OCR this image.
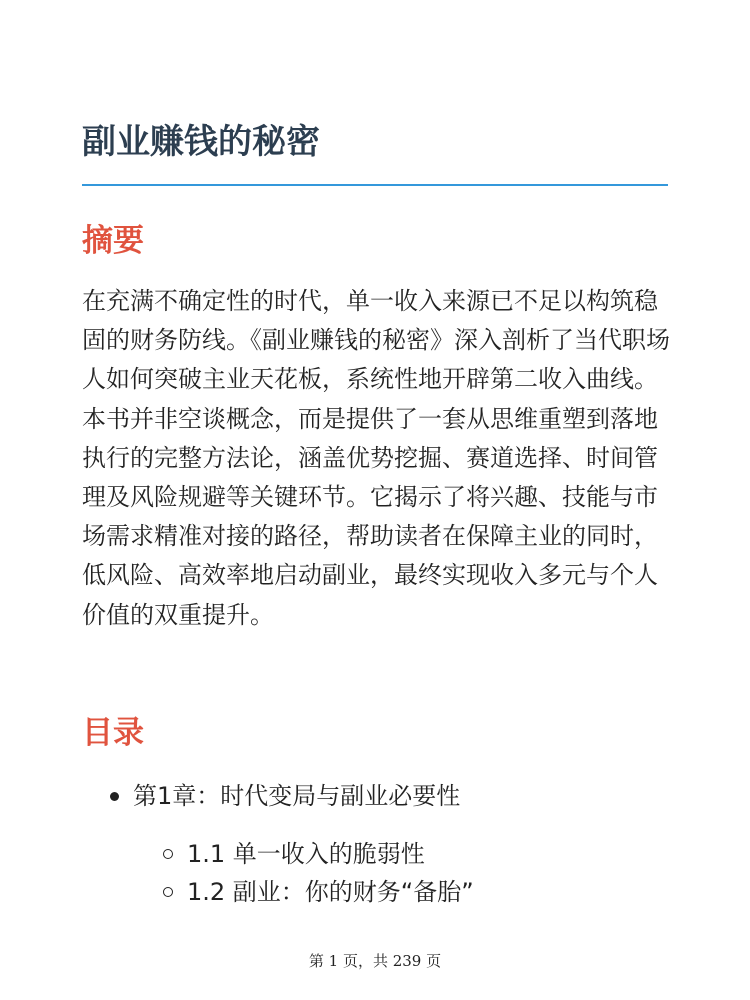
副业赚钱的秘密
摘要

在充满不确定性的时代，单一收入来源已不足以构筑稳固的财务防线。《副业赚钱的秘密》深入剖析了当代职场人如何突破主业天花板，系统性地开辟第二收入曲线。本书并非空谈概念，而是提供了一套从思维重塑到落地执行的完整方法论，涵盖优势挖掘、赛道选择、时间管理及风险规避等关键环节。它揭示了将兴趣、技能与市场需求精准对接的路径，帮助读者在保障主业的同时，低风险、高效率地启动副业，最终实现收入多元与个人价值的双重提升。

目录
第1章：时代变局与副业必要性
1.1 单一收入的脆弱性
1.2 副业：你的财务“备胎”
第 1 页，共 239 页
